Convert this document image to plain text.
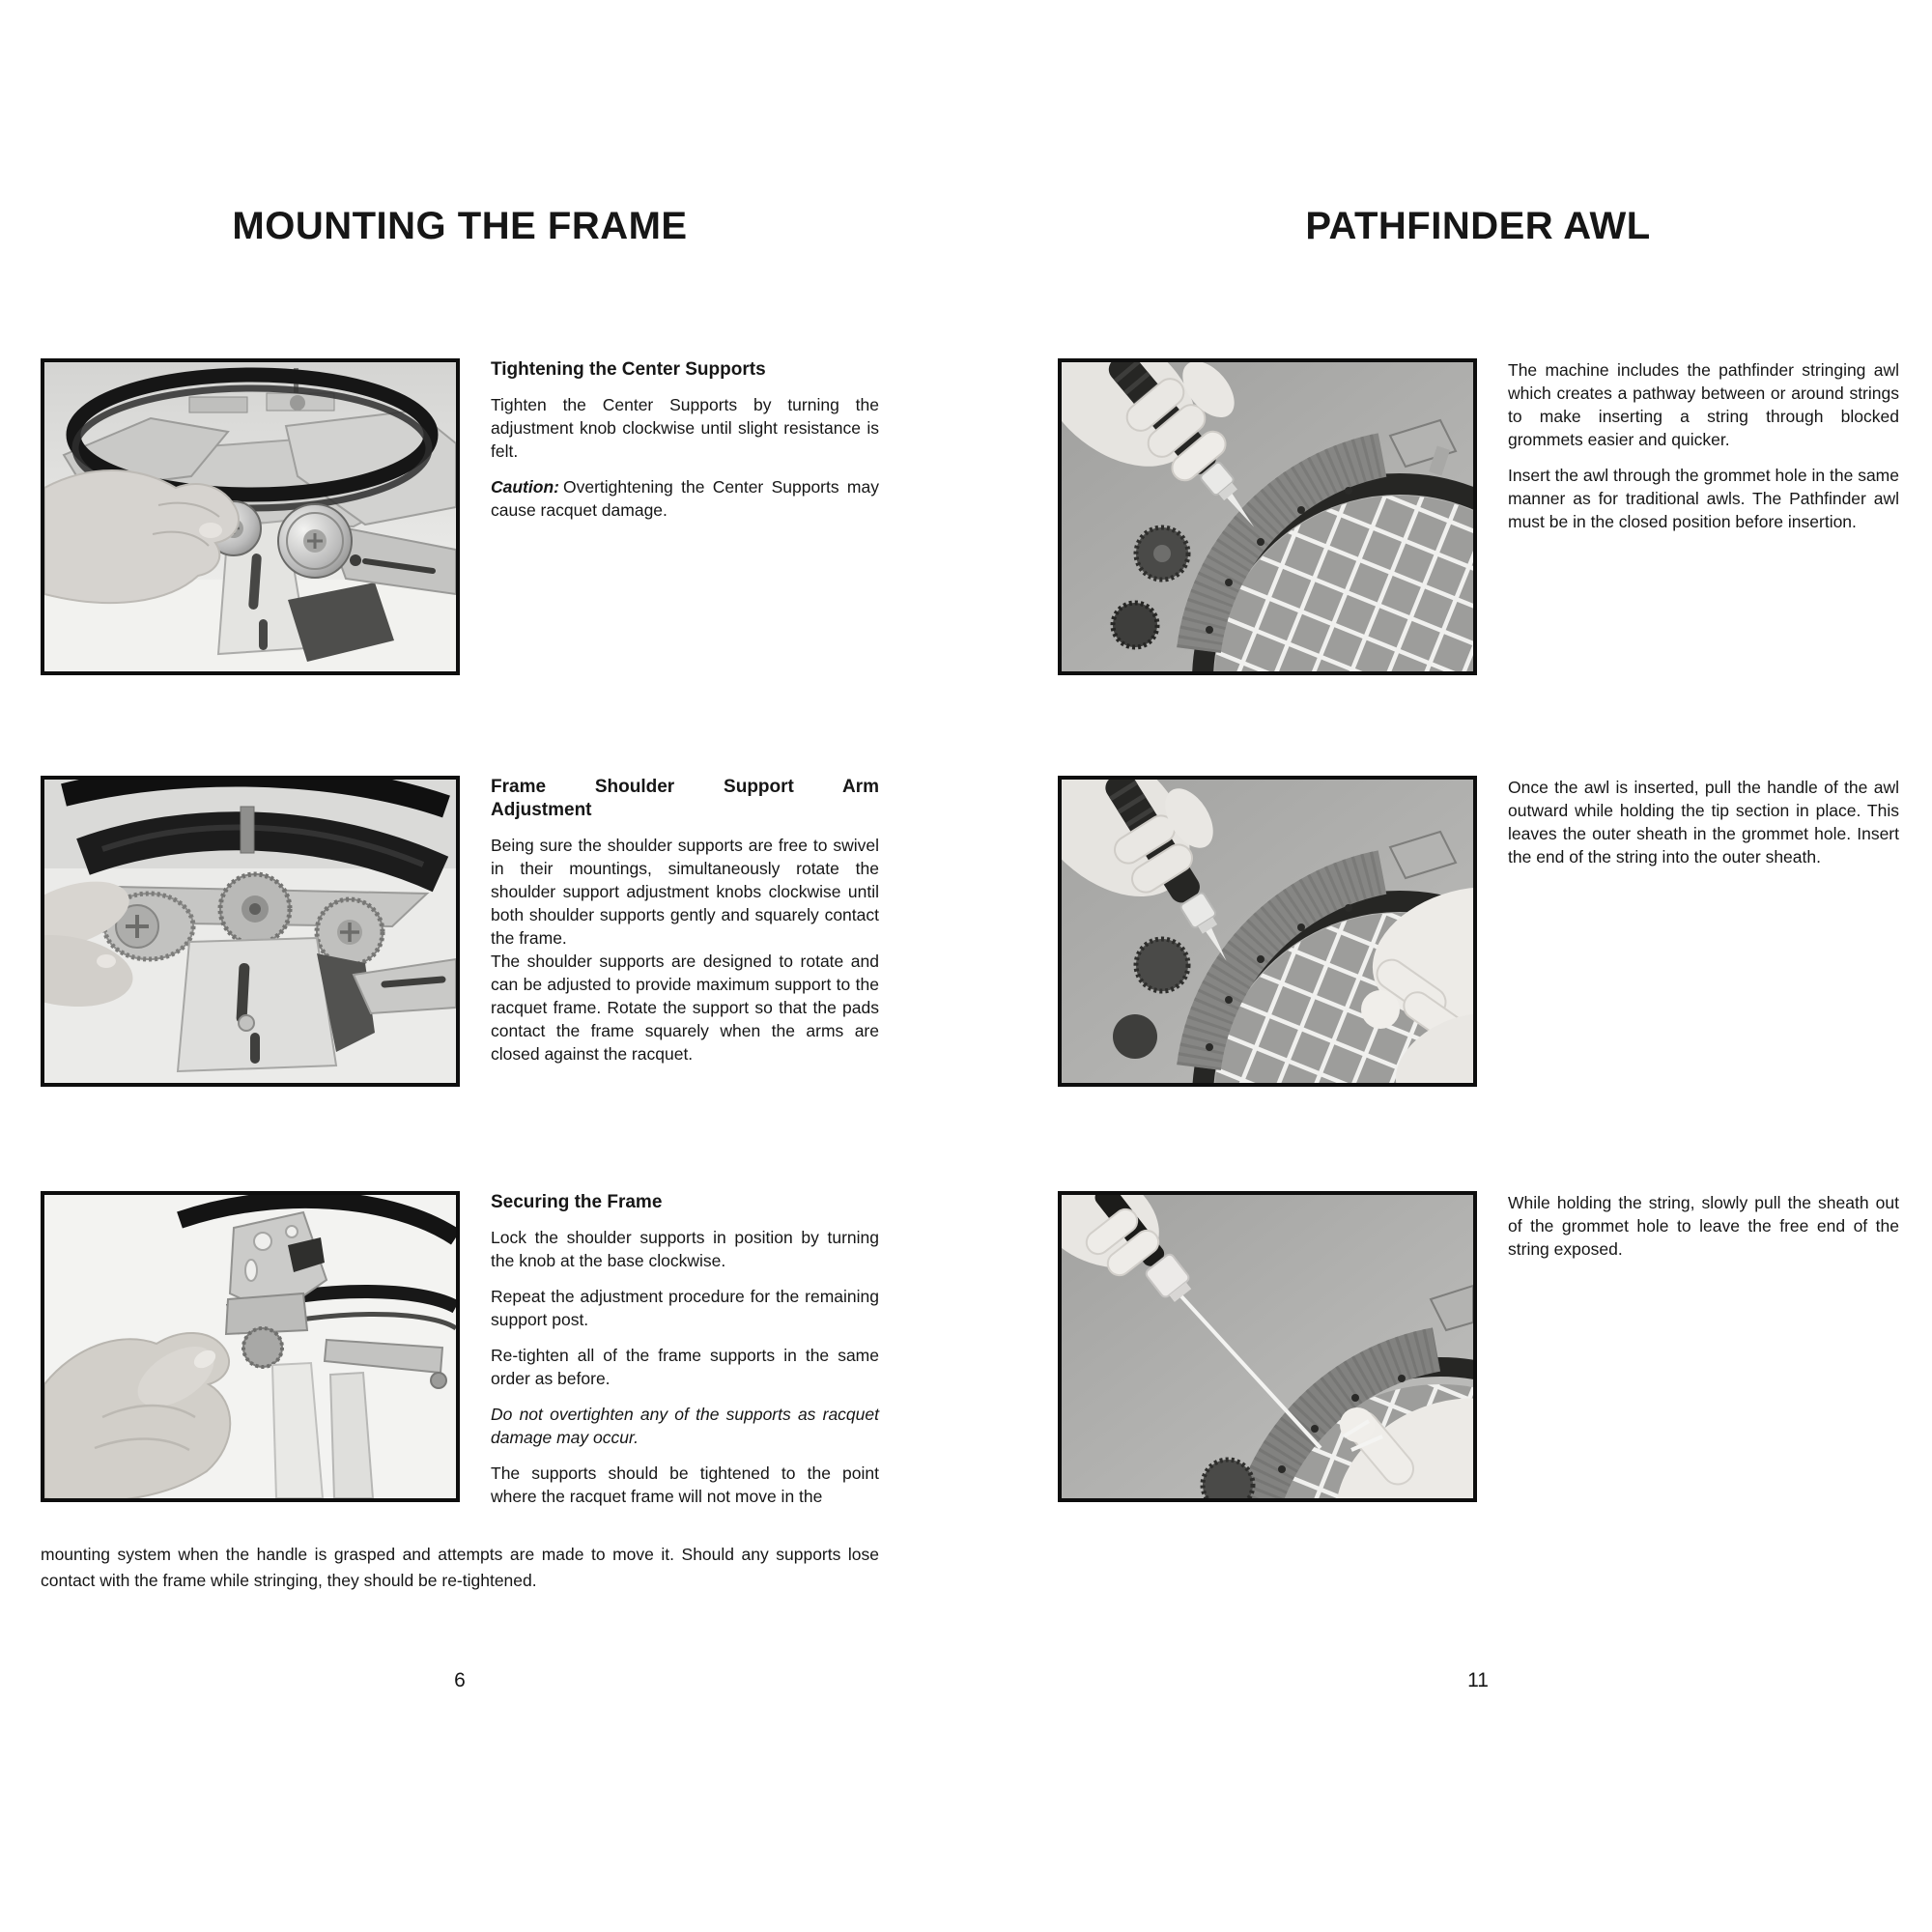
MOUNTING THE FRAME
Tightening the Center Supports

Tighten the Center Supports by turning the adjustment knob clockwise until slight resistance is felt.

Caution: Overtightening the Center Supports may cause racquet damage.

Frame Shoulder Support Arm
Adjustment

Being sure the shoulder supports are free to swivel in their mountings, simultaneously rotate the shoulder support adjustment knobs clockwise until both shoulder supports gently and squarely contact the frame.

The shoulder supports are designed to rotate and can be adjusted to provide maximum support to the racquet frame. Rotate the support so that the pads contact the frame squarely when the arms are closed against the racquet.

Securing the Frame

Lock the shoulder supports in position by turning the knob at the base clockwise.

Repeat the adjustment procedure for the remaining support post.

Re-tighten all of the frame supports in the same order as before.

Do not overtighten any of the supports as racquet damage may occur.

The supports should be tightened to the point where the racquet frame will not move in the

mounting system when the handle is grasped and attempts are made to move it. Should any supports lose contact with the frame while stringing, they should be re-tightened.
6
PATHFINDER AWL

The machine includes the pathfinder stringing awl which creates a pathway between or around strings to make inserting a string through blocked grommets easier and quicker.

Insert the awl through the grommet hole in the same manner as for traditional awls. The Pathfinder awl must be in the closed position before insertion.

Once the awl is inserted, pull the handle of the awl outward while holding the tip section in place. This leaves the outer sheath in the grommet hole. Insert the end of the string into the outer sheath.

While holding the string, slowly pull the sheath out of the grommet hole to leave the free end of the string exposed.

11
